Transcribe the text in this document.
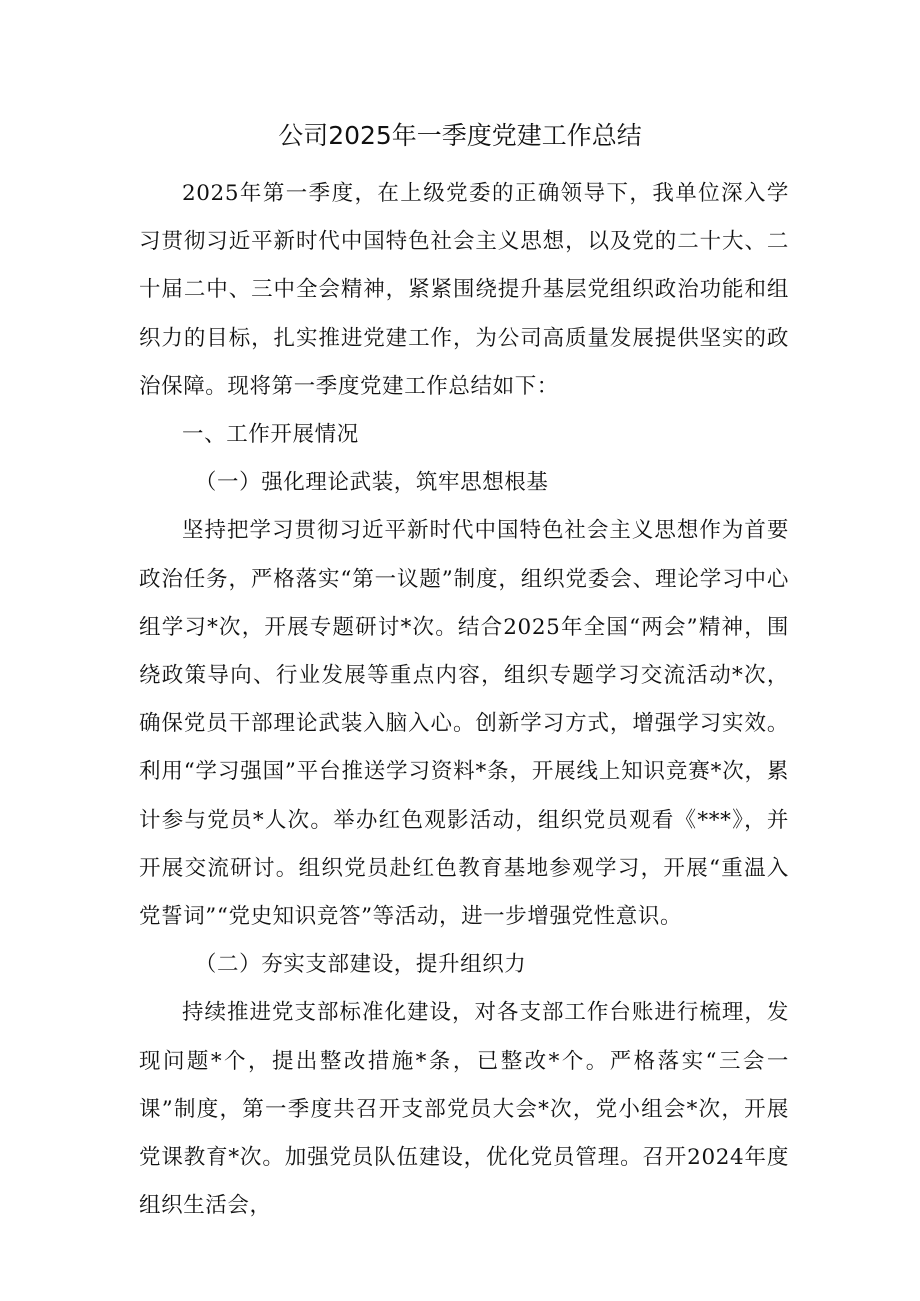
公司2025年一季度党建工作总结

2025年第一季度，在上级党委的正确领导下，我单位深入学习贯彻习近平新时代中国特色社会主义思想，以及党的二十大、二十届二中、三中全会精神，紧紧围绕提升基层党组织政治功能和组织力的目标，扎实推进党建工作，为公司高质量发展提供坚实的政治保障。现将第一季度党建工作总结如下：

一、工作开展情况

（一）强化理论武装，筑牢思想根基

坚持把学习贯彻习近平新时代中国特色社会主义思想作为首要政治任务，严格落实“第一议题”制度，组织党委会、理论学习中心组学习*次，开展专题研讨*次。结合2025年全国“两会”精神，围绕政策导向、行业发展等重点内容，组织专题学习交流活动*次，确保党员干部理论武装入脑入心。创新学习方式，增强学习实效。利用“学习强国”平台推送学习资料*条，开展线上知识竞赛*次，累计参与党员*人次。举办红色观影活动，组织党员观看《***》，并开展交流研讨。组织党员赴红色教育基地参观学习，开展“重温入党誓词”“党史知识竞答”等活动，进一步增强党性意识。

（二）夯实支部建设，提升组织力

持续推进党支部标准化建设，对各支部工作台账进行梳理，发现问题*个，提出整改措施*条，已整改*个。严格落实“三会一课”制度，第一季度共召开支部党员大会*次，党小组会*次，开展党课教育*次。加强党员队伍建设，优化党员管理。召开2024年度组织生活会，
